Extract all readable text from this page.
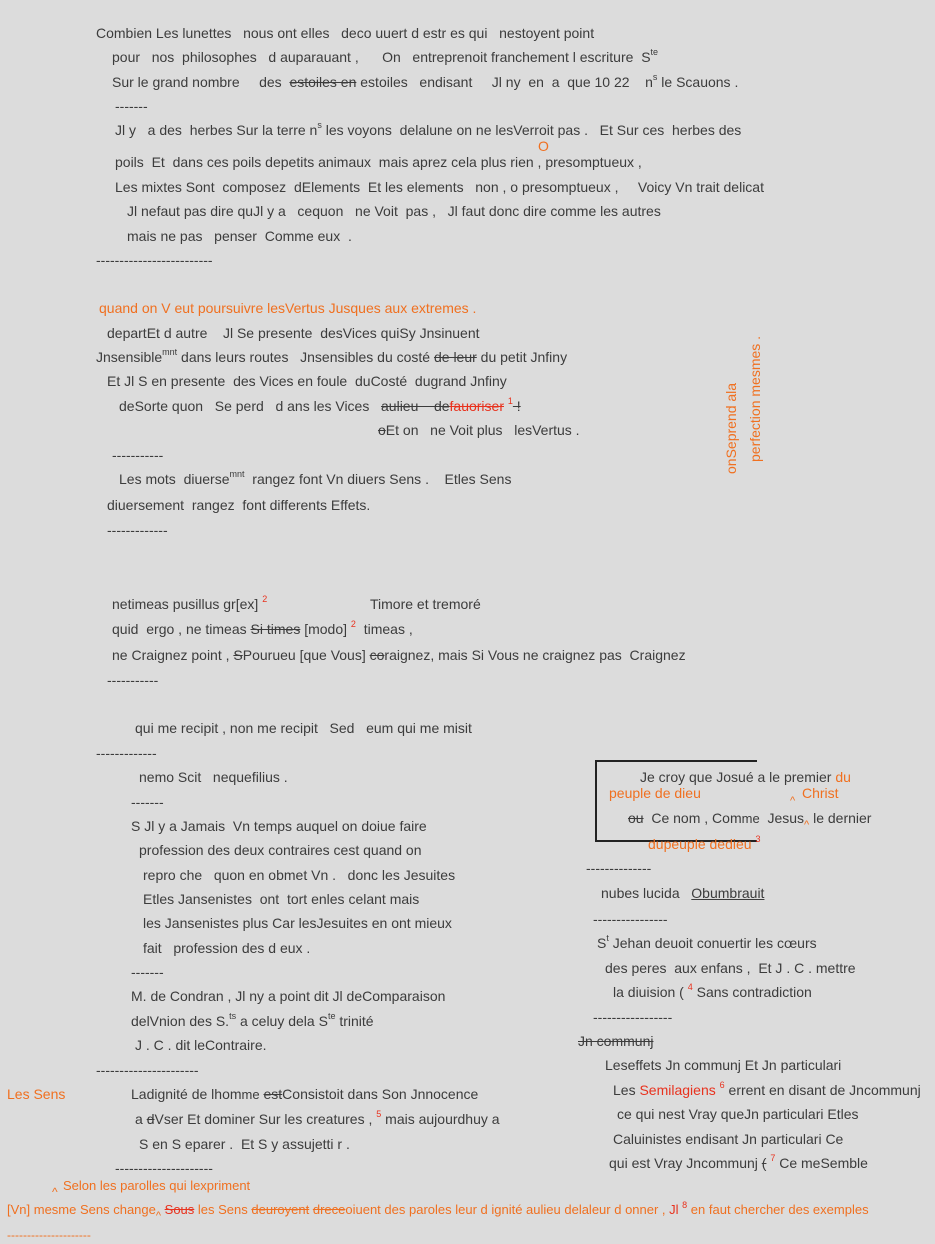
Combien Les lunettes   nous ont elles   deco uuert d estr es qui   nestoyent point
pour   nos  philosophes   d auparauant ,      On   entreprenoit franchement l escriture  $S^{te}$
Sur le grand nombre     des  estoiles en estoiles   endisant     Jl ny  en  a  que 10 22    $n^s$ le Scauons .
-------
Jl y   a des  herbes Sur la terre $n^s$ les voyons  delalune on ne lesVerroit pas .   Et Sur ces  herbes des
O
poils  Et  dans ces poils depetits animaux  mais aprez cela plus rien , presomptueux ,
Les mixtes Sont  composez  dElements  Et les elements   non , o presomptueux ,     Voicy Vn trait delicat
Jl nefaut pas dire quJl y a   cequon   ne Voit  pas ,   Jl faut donc dire comme les autres
mais ne pas   penser  Comme eux  .
-------------------------
quand on V eut poursuivre lesVertus Jusques aux extremes .
departEt d autre    Jl Se presente  desVices quiSy Jnsinuent
Jnsensible$^{mnt}$ dans leurs routes   Jnsensibles du costé de leur du petit Jnfiny
Et Jl S en presente  des Vices en foule  duCosté  dugrand Jnfiny
deSorte quon   Se perd   d ans les Vices   aulieu    defauoriser $^1$ !
oEt on   ne Voit plus   lesVertus .
-----------
Les mots  diuerse$^{mnt}$  rangez font Vn diuers Sens .    Etles Sens
diuersement  rangez  font differents Effets.
-------------
onSeprend ala perfection mesmes .
netimeas pusillus gr[ex] $^2$	Timore et tremoré
quid  ergo , ne timeas Si times [modo] $^2$  timeas ,
ne Craignez point , SPourueu [que Vous] coraignez, mais Si Vous ne craignez pas  Craignez
-----------
qui me recipit , non me recipit   Sed   eum qui me misit
-------------
nemo Scit   nequefilius .
-------
S Jl y a Jamais  Vn temps auquel on doiue faire
profession des deux contraires cest quand on
repro che   quon en obmet Vn .   donc les Jesuites
Etles Jansenistes  ont  tort enles celant mais
les Jansenistes plus Car lesJesuites en ont mieux
fait   profession des d eux .
-------
M. de Condran , Jl ny a point dit Jl deComparaison
delVnion des S.$^{ts}$ a celuy dela $S^{te}$ trinité
J . C . dit leContraire.
----------------------
Les Sens	Ladignité de lhomme estConsistoit dans Son Jnnocence
a dVser Et dominer Sur les creatures , $^5$ mais aujourdhuy a
S en S eparer .  Et S y assujetti r .
---------------------
^ Selon les parolles qui lexpriment
[Vn] mesme Sens change$_{\^{}}$ Sous les Sens deuroyent dreceoiuent des paroles leur d ignité aulieu delaleur d onner , Jl $^8$ en faut chercher des exemples
---------------------
Je croy que Josué a le premier du
peuple de dieu	^ Christ
ou  Ce nom , Comme  Jesus$_{\^{}}$ le dernier
dupeuple dedieu $^3$
--------------
nubes lucida   Obumbrauit
----------------
$S^t$ Jehan deuoit conuertir les cœurs
des peres  aux enfans ,  Et J . C . mettre
la diuision ( $^4$ Sans contradiction
-----------------
Jn communj
Leseffets Jn communj Et Jn particulari
Les Semilagiens $^6$ errent en disant de Jncommunj
ce qui nest Vray queJn particulari Etles
Caluinistes endisant Jn particulari Ce
qui est Vray Jncommunj ( $^7$ Ce meSemble
